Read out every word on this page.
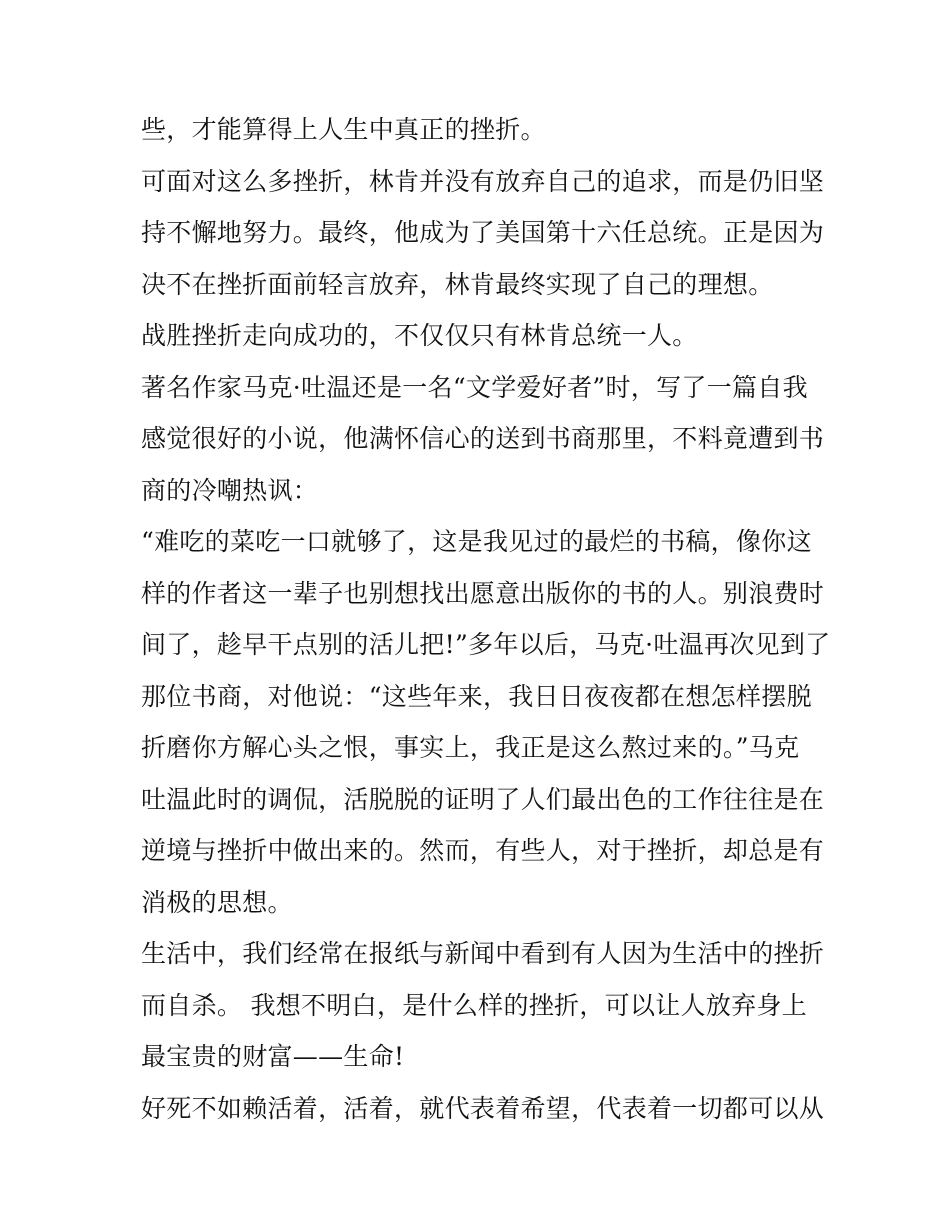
些，才能算得上人生中真正的挫折。
可面对这么多挫折，林肯并没有放弃自己的追求，而是仍旧坚
持不懈地努力。最终，他成为了美国第十六任总统。正是因为
决不在挫折面前轻言放弃，林肯最终实现了自己的理想。
战胜挫折走向成功的，不仅仅只有林肯总统一人。
著名作家马克·吐温还是一名“文学爱好者”时，写了一篇自我
感觉很好的小说，他满怀信心的送到书商那里，不料竟遭到书
商的冷嘲热讽：
“难吃的菜吃一口就够了，这是我见过的最烂的书稿，像你这
样的作者这一辈子也别想找出愿意出版你的书的人。别浪费时
间了，趁早干点别的活儿把!”多年以后，马克·吐温再次见到了
那位书商，对他说：“这些年来，我日日夜夜都在想怎样摆脱
折磨你方解心头之恨，事实上，我正是这么熬过来的。”马克
吐温此时的调侃，活脱脱的证明了人们最出色的工作往往是在
逆境与挫折中做出来的。然而，有些人，对于挫折，却总是有
消极的思想。
生活中，我们经常在报纸与新闻中看到有人因为生活中的挫折
而自杀。 我想不明白，是什么样的挫折，可以让人放弃身上
最宝贵的财富——生命!
好死不如赖活着，活着，就代表着希望，代表着一切都可以从
